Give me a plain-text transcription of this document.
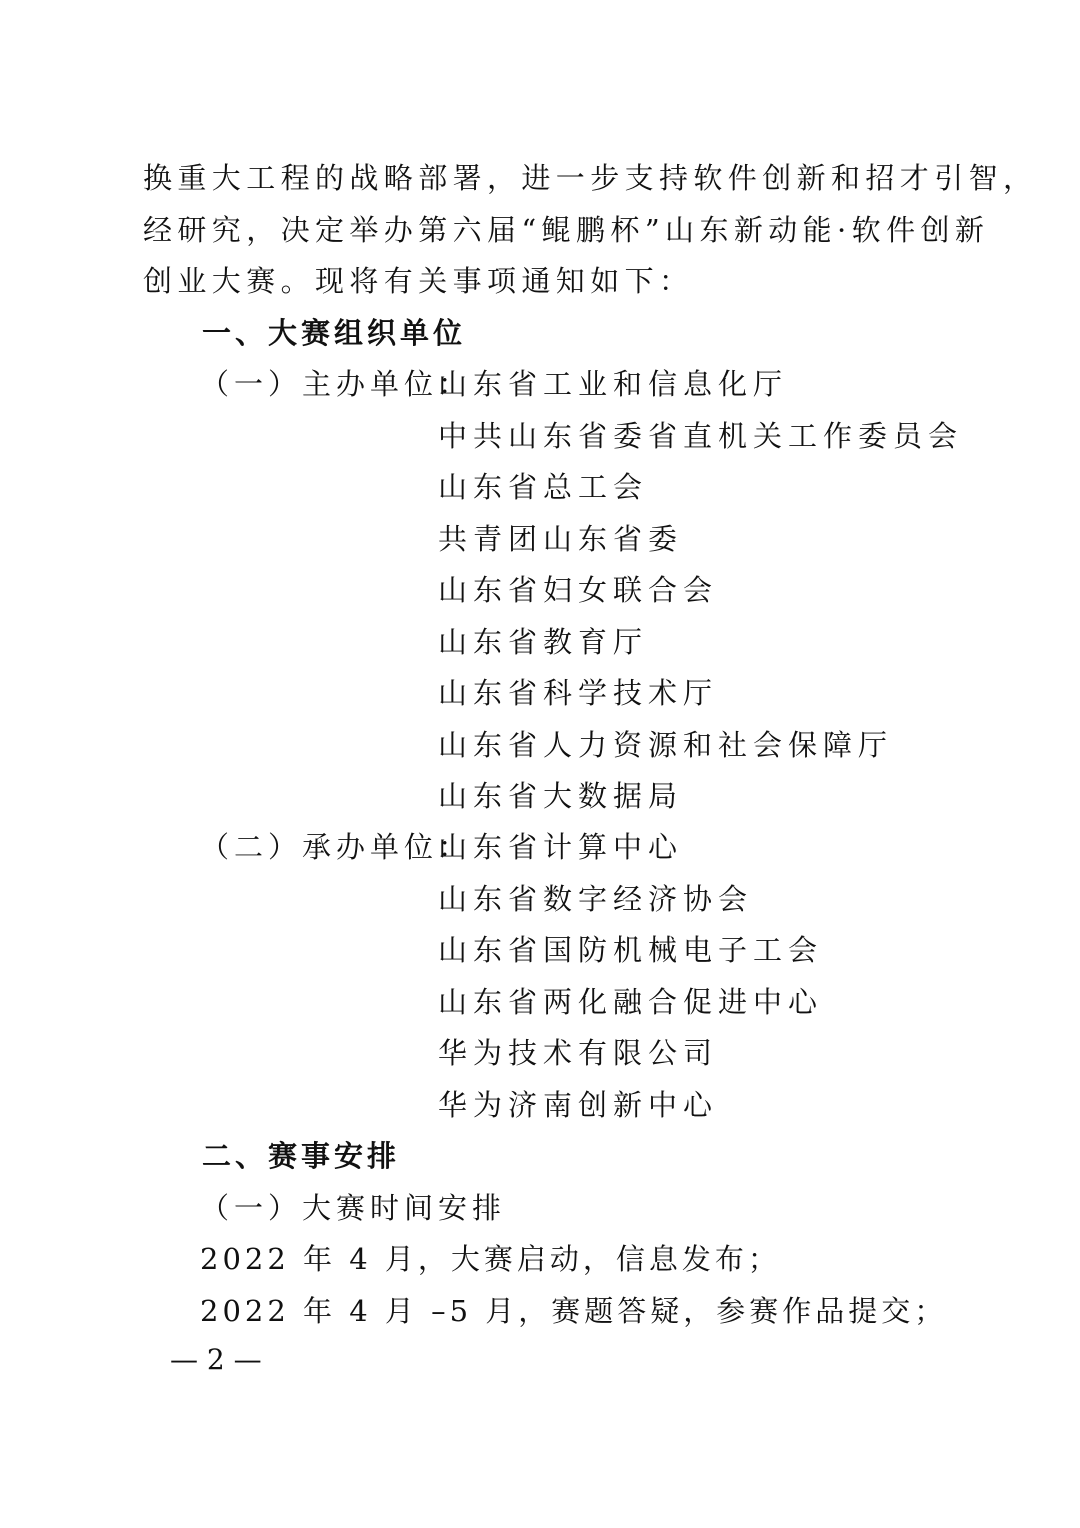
换重大工程的战略部署，进一步支持软件创新和招才引智，
经研究，决定举办第六届“鲲鹏杯”山东新动能·软件创新
创业大赛。现将有关事项通知如下：
一、大赛组织单位
（一）主办单位：
山东省工业和信息化厅
中共山东省委省直机关工作委员会
山东省总工会
共青团山东省委
山东省妇女联合会
山东省教育厅
山东省科学技术厅
山东省人力资源和社会保障厅
山东省大数据局
（二）承办单位：
山东省计算中心
山东省数字经济协会
山东省国防机械电子工会
山东省两化融合促进中心
华为技术有限公司
华为济南创新中心
二、赛事安排
（一）大赛时间安排
2022 年 4 月，大赛启动，信息发布；
2022 年 4 月 –5 月，赛题答疑，参赛作品提交；
— 2 —
